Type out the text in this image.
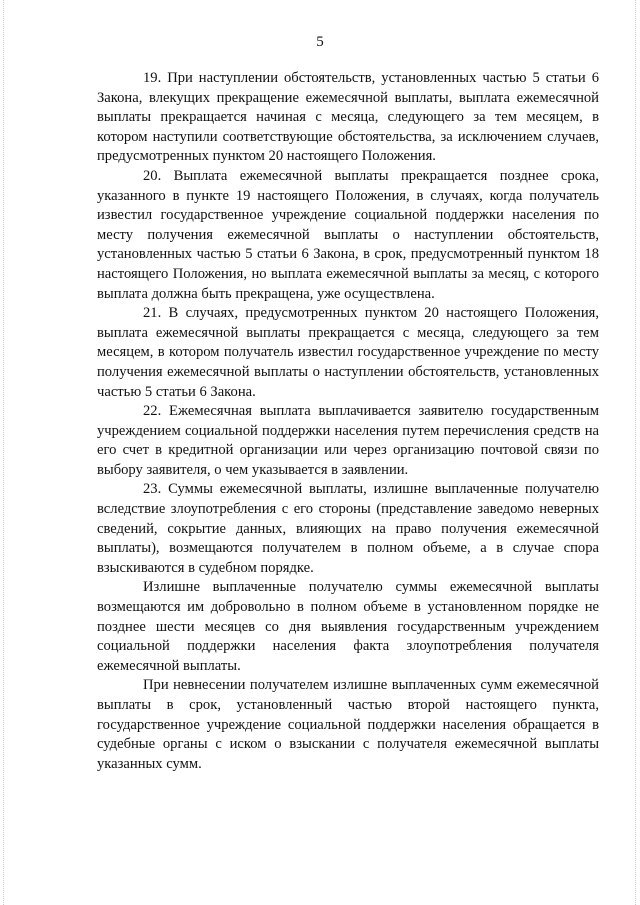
5

19. При наступлении обстоятельств, установленных частью 5 статьи 6 Закона, влекущих прекращение ежемесячной выплаты, выплата ежемесячной выплаты прекращается начиная с месяца, следующего за тем месяцем, в котором наступили соответствующие обстоятельства, за исключением случаев, предусмотренных пунктом 20 настоящего Положения.

20. Выплата ежемесячной выплаты прекращается позднее срока, указанного в пункте 19 настоящего Положения, в случаях, когда получатель известил государственное учреждение социальной поддержки населения по месту получения ежемесячной выплаты о наступлении обстоятельств, установленных частью 5 статьи 6 Закона, в срок, предусмотренный пунктом 18 настоящего Положения, но выплата ежемесячной выплаты за месяц, с которого выплата должна быть прекращена, уже осуществлена.

21. В случаях, предусмотренных пунктом 20 настоящего Положения, выплата ежемесячной выплаты прекращается с месяца, следующего за тем месяцем, в котором получатель известил государственное учреждение по месту получения ежемесячной выплаты о наступлении обстоятельств, установленных частью 5 статьи 6 Закона.

22. Ежемесячная выплата выплачивается заявителю государственным учреждением социальной поддержки населения путем перечисления средств на его счет в кредитной организации или через организацию почтовой связи по выбору заявителя, о чем указывается в заявлении.

23. Суммы ежемесячной выплаты, излишне выплаченные получателю вследствие злоупотребления с его стороны (представление заведомо неверных сведений, сокрытие данных, влияющих на право получения ежемесячной выплаты), возмещаются получателем в полном объеме, а в случае спора взыскиваются в судебном порядке.

Излишне выплаченные получателю суммы ежемесячной выплаты возмещаются им добровольно в полном объеме в установленном порядке не позднее шести месяцев со дня выявления государственным учреждением социальной поддержки населения факта злоупотребления получателя ежемесячной выплаты.

При невнесении получателем излишне выплаченных сумм ежемесячной выплаты в срок, установленный частью второй настоящего пункта, государственное учреждение социальной поддержки населения обращается в судебные органы с иском о взыскании с получателя ежемесячной выплаты указанных сумм.
